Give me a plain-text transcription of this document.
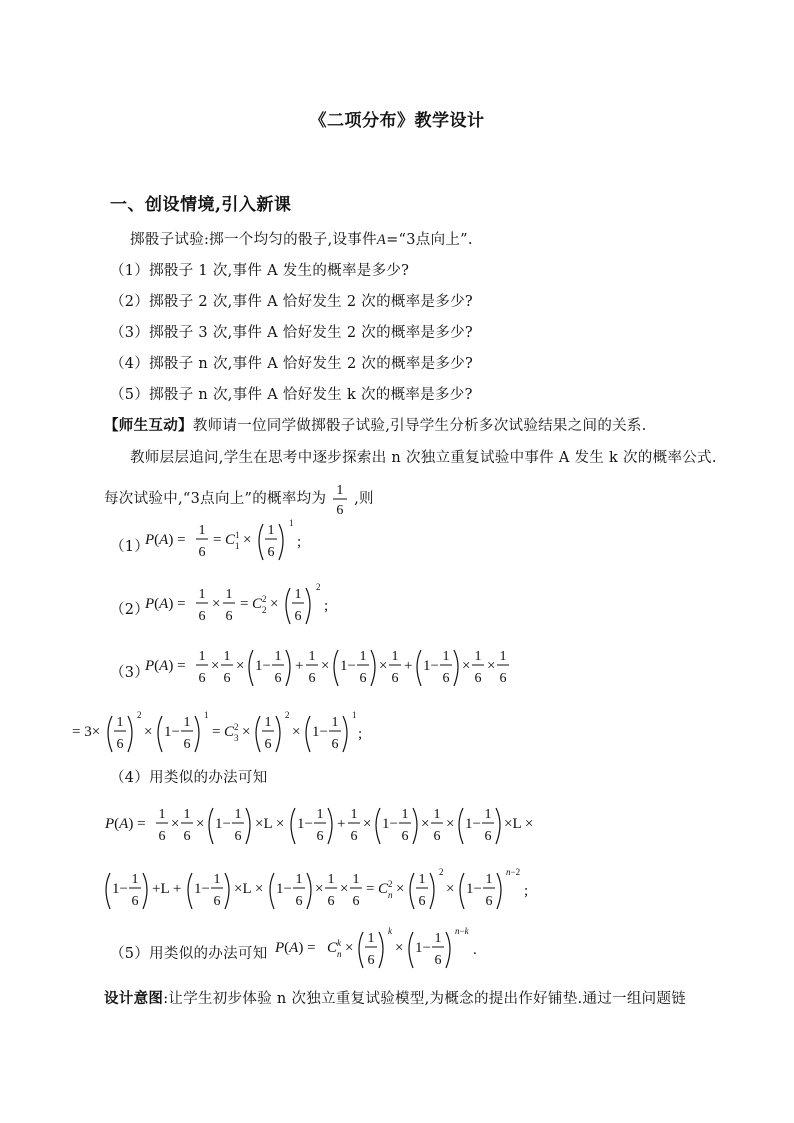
《二项分布》教学设计
一、创设情境,引入新课
掷骰子试验:掷一个均匀的骰子,设事件A=“3点向上”.
（1）掷骰子 1 次,事件 A 发生的概率是多少?
（2）掷骰子 2 次,事件 A 恰好发生 2 次的概率是多少?
（3）掷骰子 3 次,事件 A 恰好发生 2 次的概率是多少?
（4）掷骰子 n 次,事件 A 恰好发生 2 次的概率是多少?
（5）掷骰子 n 次,事件 A 恰好发生 k 次的概率是多少?
【师生互动】教师请一位同学做掷骰子试验,引导学生分析多次试验结果之间的关系.
教师层层追问,学生在思考中逐步探索出 n 次独立重复试验中事件 A 发生 k 次的概率公式.
每次试验中,“3点向上”的概率均为
1
6
,则
（1）
P(A) =
1
6
= C 1
1 ×
1
6
1
;
（2）
P(A) =
1
6
×
1
6
= C 2
2 ×
1
6
2
;
（3）
P(A) =
1
6
×
1
6
× 1−
1
6
+
1
6
× 1−
1
6
×
1
6
+ 1−
1
6
×
1
6
×
1
6
= 3×
1
6
2
× 1−
1
6
1
= C 2
3 ×
1
6
2
× 1−
1
6
1
;
（4）用类似的办法可知
P(A) =
1
6
×
1
6
× 1−
1
6
×L × 1−
1
6
+
1
6
× 1−
1
6
×
1
6
× 1−
1
6
×L ×
1−
1
6
+L + 1−
1
6
×L × 1−
1
6
×
1
6
×
1
6
= C 2
n ×
1
6
2
× 1−
1
6
n−2
;
（5）用类似的办法可知 P(A) = C k
n ×
1
6
k
× 1−
1
6
n−k
.
设计意图:让学生初步体验 n 次独立重复试验模型,为概念的提出作好铺垫.通过一组问题链
